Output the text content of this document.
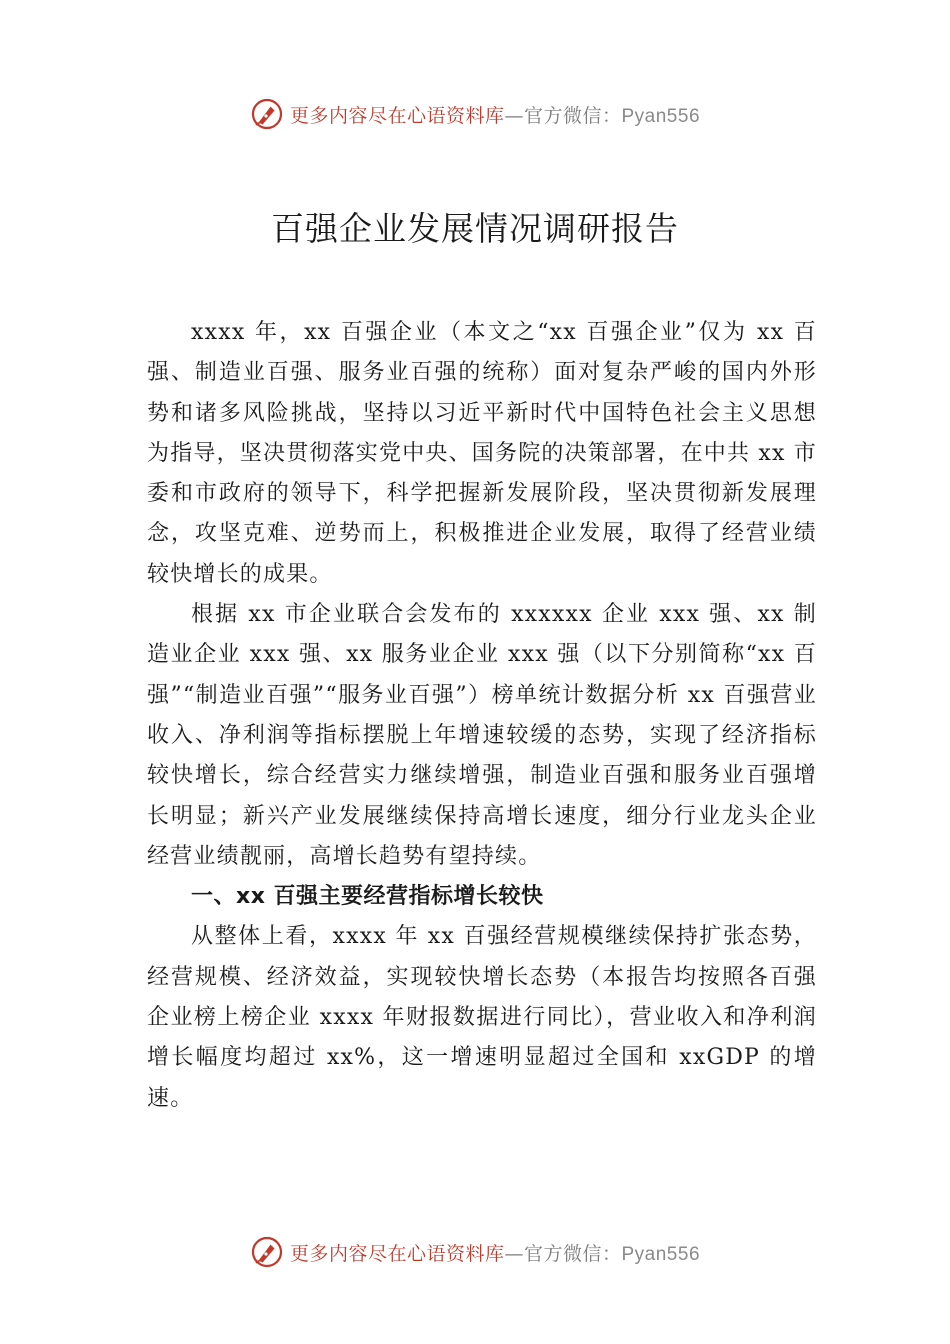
更多内容尽在心语资料库—官方微信：Pyan556
百强企业发展情况调研报告

xxxx 年，xx 百强企业（本文之“xx 百强企业”仅为 xx 百强、制造业百强、服务业百强的统称）面对复杂严峻的国内外形势和诸多风险挑战，坚持以习近平新时代中国特色社会主义思想为指导，坚决贯彻落实党中央、国务院的决策部署，在中共 xx 市委和市政府的领导下，科学把握新发展阶段，坚决贯彻新发展理念，攻坚克难、逆势而上，积极推进企业发展，取得了经营业绩较快增长的成果。

根据 xx 市企业联合会发布的 xxxxxx 企业 xxx 强、xx 制造业企业 xxx 强、xx 服务业企业 xxx 强（以下分别简称“xx 百强”“制造业百强”“服务业百强”）榜单统计数据分析 xx 百强营业收入、净利润等指标摆脱上年增速较缓的态势，实现了经济指标较快增长，综合经营实力继续增强，制造业百强和服务业百强增长明显；新兴产业发展继续保持高增长速度，细分行业龙头企业经营业绩靓丽，高增长趋势有望持续。

一、xx 百强主要经营指标增长较快

从整体上看，xxxx 年 xx 百强经营规模继续保持扩张态势，经营规模、经济效益，实现较快增长态势（本报告均按照各百强企业榜上榜企业 xxxx 年财报数据进行同比），营业收入和净利润增长幅度均超过 xx%，这一增速明显超过全国和 xxGDP 的增速。

更多内容尽在心语资料库—官方微信：Pyan556
